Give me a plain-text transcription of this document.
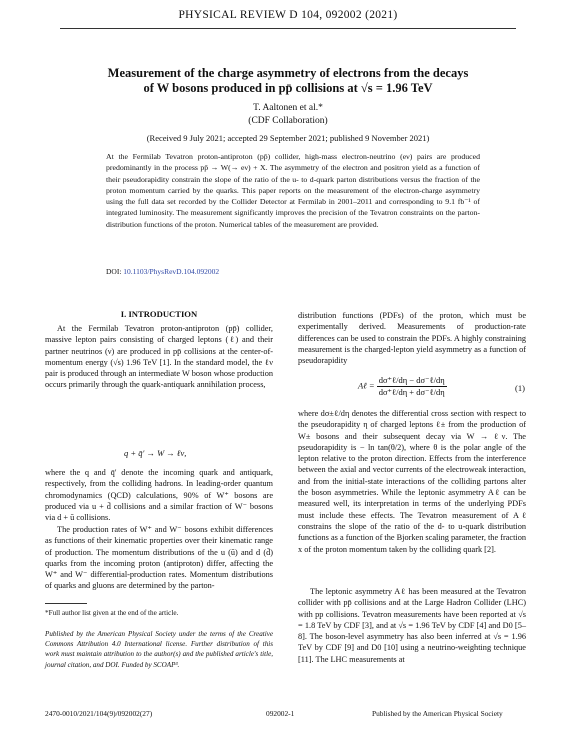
PHYSICAL REVIEW D 104, 092002 (2021)
Measurement of the charge asymmetry of electrons from the decays
of W bosons produced in pp̄ collisions at √s = 1.96 TeV
T. Aaltonen et al.*
(CDF Collaboration)
(Received 9 July 2021; accepted 29 September 2021; published 9 November 2021)
At the Fermilab Tevatron proton-antiproton (pp̄) collider, high-mass electron-neutrino (eν) pairs are produced predominantly in the process pp̄ → W(→ eν) + X. The asymmetry of the electron and positron yield as a function of their pseudorapidity constrain the slope of the ratio of the u- to d-quark parton distributions versus the fraction of the proton momentum carried by the quarks. This paper reports on the measurement of the electron-charge asymmetry using the full data set recorded by the Collider Detector at Fermilab in 2001–2011 and corresponding to 9.1 fb⁻¹ of integrated luminosity. The measurement significantly improves the precision of the Tevatron constraints on the parton-distribution functions of the proton. Numerical tables of the measurement are provided.
DOI: 10.1103/PhysRevD.104.092002
I. INTRODUCTION
At the Fermilab Tevatron proton-antiproton (pp̄) collider, massive lepton pairs consisting of charged leptons (ℓ) and their partner neutrinos (ν) are produced in pp̄ collisions at the center-of-momentum energy (√s) 1.96 TeV [1]. In the standard model, the ℓν pair is produced through an intermediate W boson whose production occurs primarily through the quark-antiquark annihilation process,
q + q̄′ → W → ℓν,
where the q and q̄′ denote the incoming quark and antiquark, respectively, from the colliding hadrons. In leading-order quantum chromodynamics (QCD) calculations, 90% of W⁺ bosons are produced via u + d̄ collisions and a similar fraction of W⁻ bosons via d + ū collisions.
The production rates of W⁺ and W⁻ bosons exhibit differences as functions of their kinematic properties over their kinematic range of production. The momentum distributions of the u (ū) and d (d̄) quarks from the incoming proton (antiproton) differ, affecting the W⁺ and W⁻ differential-production rates. Momentum distributions of quarks and gluons are determined by the parton-
*Full author list given at the end of the article.
Published by the American Physical Society under the terms of the Creative Commons Attribution 4.0 International license. Further distribution of this work must maintain attribution to the author(s) and the published article's title, journal citation, and DOI. Funded by SCOAP³.
distribution functions (PDFs) of the proton, which must be experimentally derived. Measurements of production-rate differences can be used to constrain the PDFs. A highly constraining measurement is the charged-lepton yield asymmetry as a function of pseudorapidity
Aℓ = $\frac{\text{dσ⁺ℓ/dη − dσ⁻ℓ/dη}}{\text{dσ⁺ℓ/dη + dσ⁻ℓ/dη}}$	(1)
where dσ±ℓ/dη denotes the differential cross section with respect to the pseudorapidity η of charged leptons ℓ± from the production of W± bosons and their subsequent decay via W → ℓν. The pseudorapidity is − ln tan(θ/2), where θ is the polar angle of the lepton relative to the proton direction. Effects from the interference between the axial and vector currents of the electroweak interaction, and from the initial-state interactions of the colliding partons alter the boson asymmetries. While the leptonic asymmetry Aℓ can be measured well, its interpretation in terms of the underlying PDFs must include these effects. The Tevatron measurement of Aℓ constrains the slope of the ratio of the d- to u-quark distribution functions as a function of the Bjorken scaling parameter, the fraction x of the proton momentum taken by the colliding quark [2].
The leptonic asymmetry Aℓ has been measured at the Tevatron collider with pp̄ collisions and at the Large Hadron Collider (LHC) with pp collisions. Tevatron measurements have been reported at √s = 1.8 TeV by CDF [3], and at √s = 1.96 TeV by CDF [4] and D0 [5–8]. The boson-level asymmetry has also been inferred at √s = 1.96 TeV by CDF [9] and D0 [10] using a neutrino-weighting technique [11]. The LHC measurements at
2470-0010/2021/104(9)/092002(27)	092002-1	Published by the American Physical Society
